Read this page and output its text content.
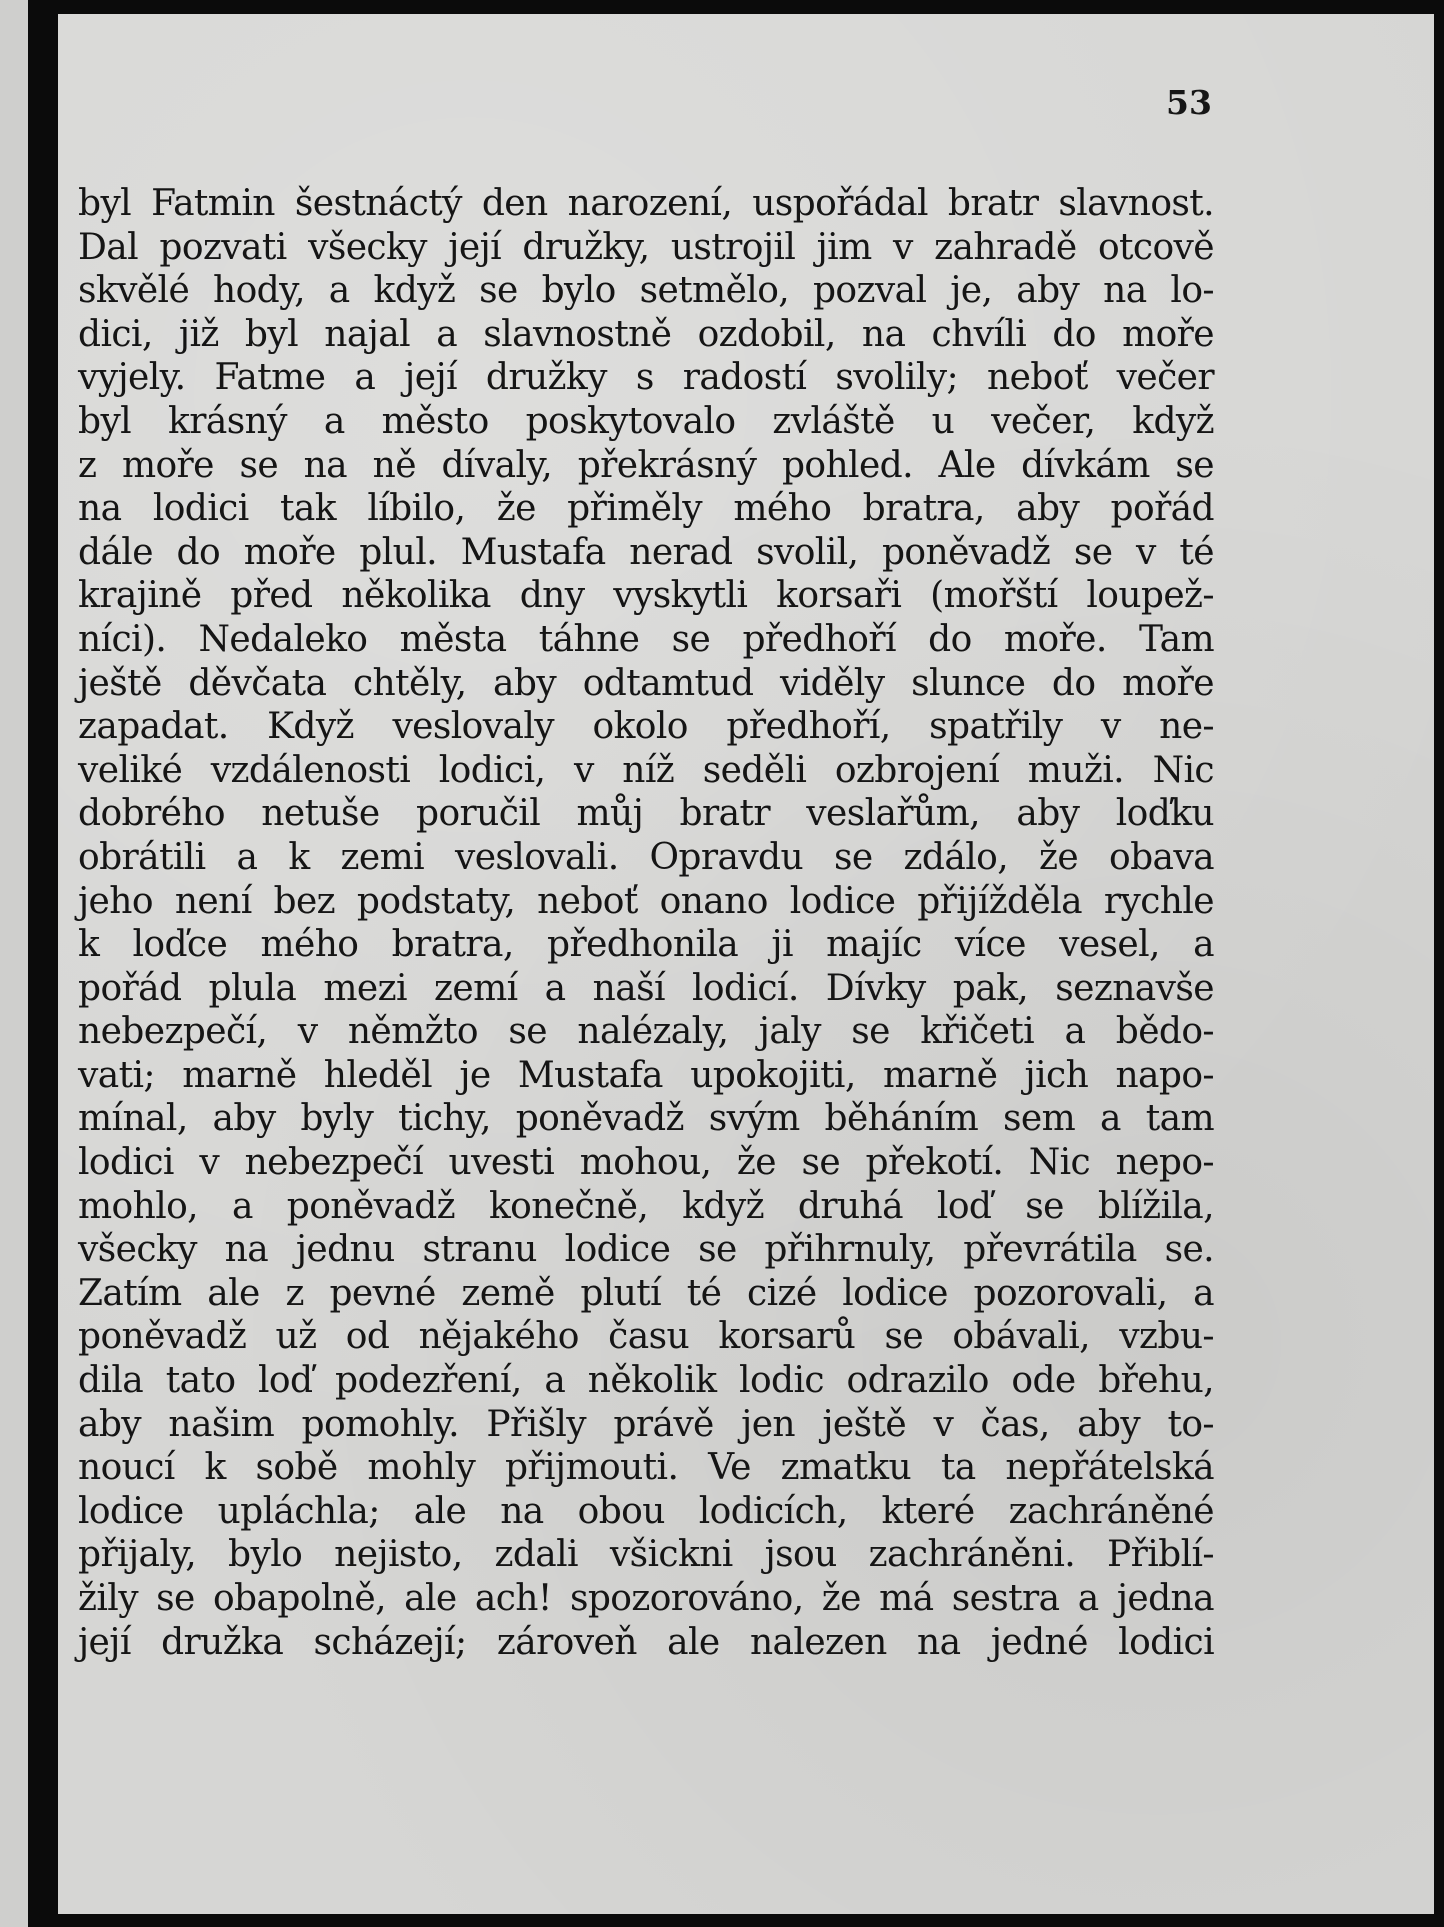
53

byl Fatmin šestnáctý den narození, uspořádal bratr slavnost.
Dal pozvati všecky její družky, ustrojil jim v zahradě otcově
skvělé hody, a když se bylo setmělo, pozval je, aby na lo-
dici, již byl najal a slavnostně ozdobil, na chvíli do moře
vyjely. Fatme a její družky s radostí svolily; neboť večer
byl krásný a město poskytovalo zvláště u večer, když
z moře se na ně dívaly, překrásný pohled. Ale dívkám se
na lodici tak líbilo, že přiměly mého bratra, aby pořád
dále do moře plul. Mustafa nerad svolil, poněvadž se v té
krajině před několika dny vyskytli korsaři (mořští loupež-
níci). Nedaleko města táhne se předhoří do moře. Tam
ještě děvčata chtěly, aby odtamtud viděly slunce do moře
zapadat. Když veslovaly okolo předhoří, spatřily v ne-
veliké vzdálenosti lodici, v níž seděli ozbrojení muži. Nic
dobrého netuše poručil můj bratr veslařům, aby loďku
obrátili a k zemi veslovali. Opravdu se zdálo, že obava
jeho není bez podstaty, neboť onano lodice přijížděla rychle
k loďce mého bratra, předhonila ji majíc více vesel, a
pořád plula mezi zemí a naší lodicí. Dívky pak, seznavše
nebezpečí, v němžto se nalézaly, jaly se křičeti a bědo-
vati; marně hleděl je Mustafa upokojiti, marně jich napo-
mínal, aby byly tichy, poněvadž svým běháním sem a tam
lodici v nebezpečí uvesti mohou, že se překotí. Nic nepo-
mohlo, a poněvadž konečně, když druhá loď se blížila,
všecky na jednu stranu lodice se přihrnuly, převrátila se.
Zatím ale z pevné země plutí té cizé lodice pozorovali, a
poněvadž už od nějakého času korsarů se obávali, vzbu-
dila tato loď podezření, a několik lodic odrazilo ode břehu,
aby našim pomohly. Přišly právě jen ještě v čas, aby to-
noucí k sobě mohly přijmouti. Ve zmatku ta nepřátelská
lodice upláchla; ale na obou lodicích, které zachráněné
přijaly, bylo nejisto, zdali všickni jsou zachráněni. Přiblí-
žily se obapolně, ale ach! spozorováno, že má sestra a jedna
její družka scházejí; zároveň ale nalezen na jedné lodici
